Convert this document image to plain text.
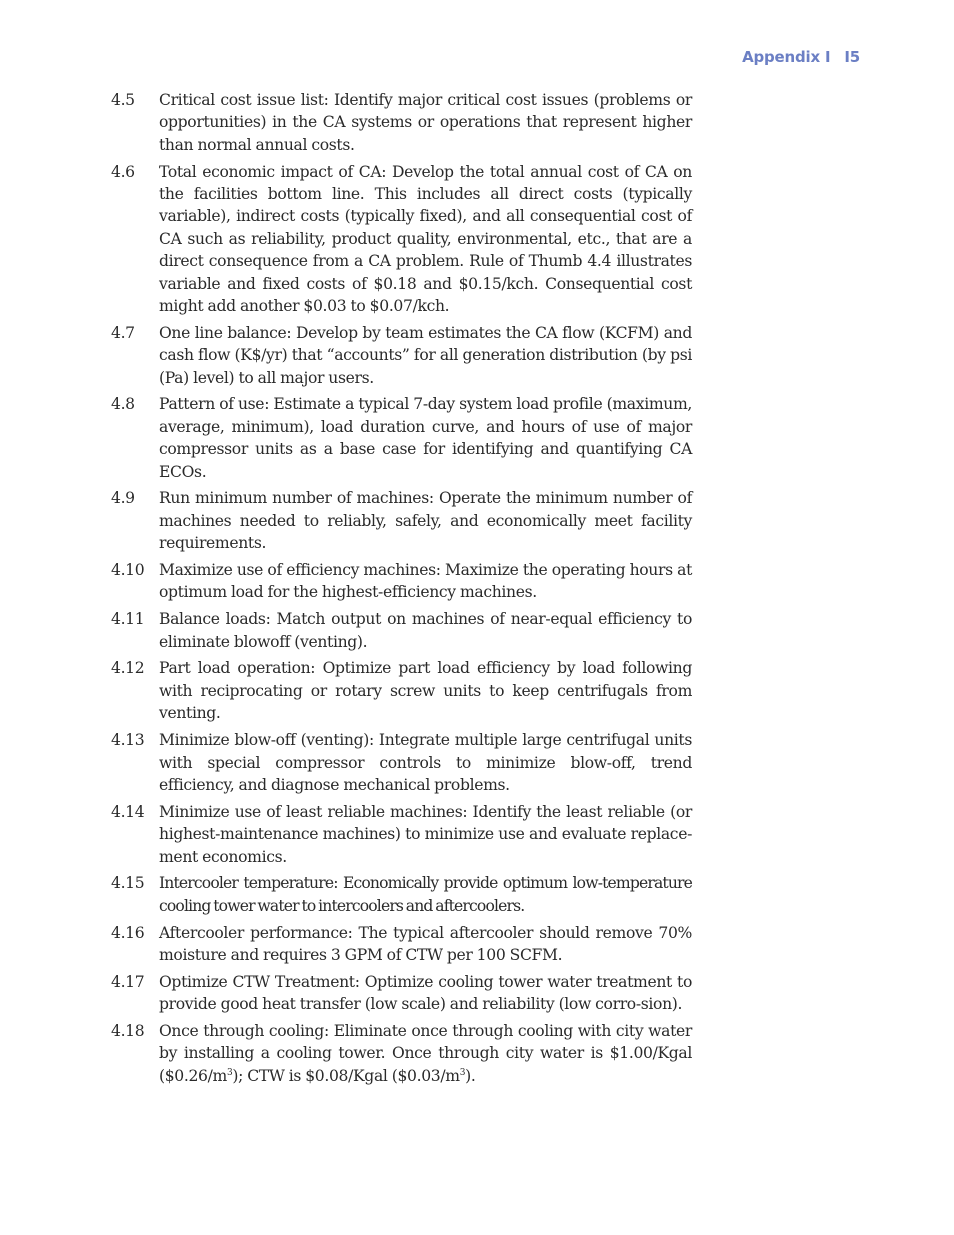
Appendix I I5
4.5 Critical cost issue list: Identify major critical cost issues (problems or opportunities) in the CA systems or operations that represent higher than normal annual costs.
4.6 Total economic impact of CA: Develop the total annual cost of CA on the facilities bottom line. This includes all direct costs (typically variable), indirect costs (typically fixed), and all consequential cost of CA such as reliability, product quality, environmental, etc., that are a direct consequence from a CA problem. Rule of Thumb 4.4 illustrates variable and fixed costs of $0.18 and $0.15/kch. Consequential cost might add another $0.03 to $0.07/kch.
4.7 One line balance: Develop by team estimates the CA flow (KCFM) and cash flow (K$/yr) that “accounts” for all generation distribution (by psi (Pa) level) to all major users.
4.8 Pattern of use: Estimate a typical 7-day system load profile (maximum, average, minimum), load duration curve, and hours of use of major compressor units as a base case for identifying and quantifying CA ECOs.
4.9 Run minimum number of machines: Operate the minimum number of machines needed to reliably, safely, and economically meet facility requirements.
4.10 Maximize use of efficiency machines: Maximize the operating hours at optimum load for the highest-efficiency machines.
4.11 Balance loads: Match output on machines of near-equal efficiency to eliminate blowoff (venting).
4.12 Part load operation: Optimize part load efficiency by load following with reciprocating or rotary screw units to keep centrifugals from venting.
4.13 Minimize blow-off (venting): Integrate multiple large centrifugal units with special compressor controls to minimize blow-off, trend efficiency, and diagnose mechanical problems.
4.14 Minimize use of least reliable machines: Identify the least reliable (or highest-maintenance machines) to minimize use and evaluate replace-ment economics.
4.15 Intercooler temperature: Economically provide optimum low-temperature cooling tower water to intercoolers and aftercoolers.
4.16 Aftercooler performance: The typical aftercooler should remove 70% moisture and requires 3 GPM of CTW per 100 SCFM.
4.17 Optimize CTW Treatment: Optimize cooling tower water treatment to provide good heat transfer (low scale) and reliability (low corro-sion).
4.18 Once through cooling: Eliminate once through cooling with city water by installing a cooling tower. Once through city water is $1.00/Kgal $(\$0.26/m^3)$; CTW is $0.08/Kgal $(\$0.03/m^3)$.
